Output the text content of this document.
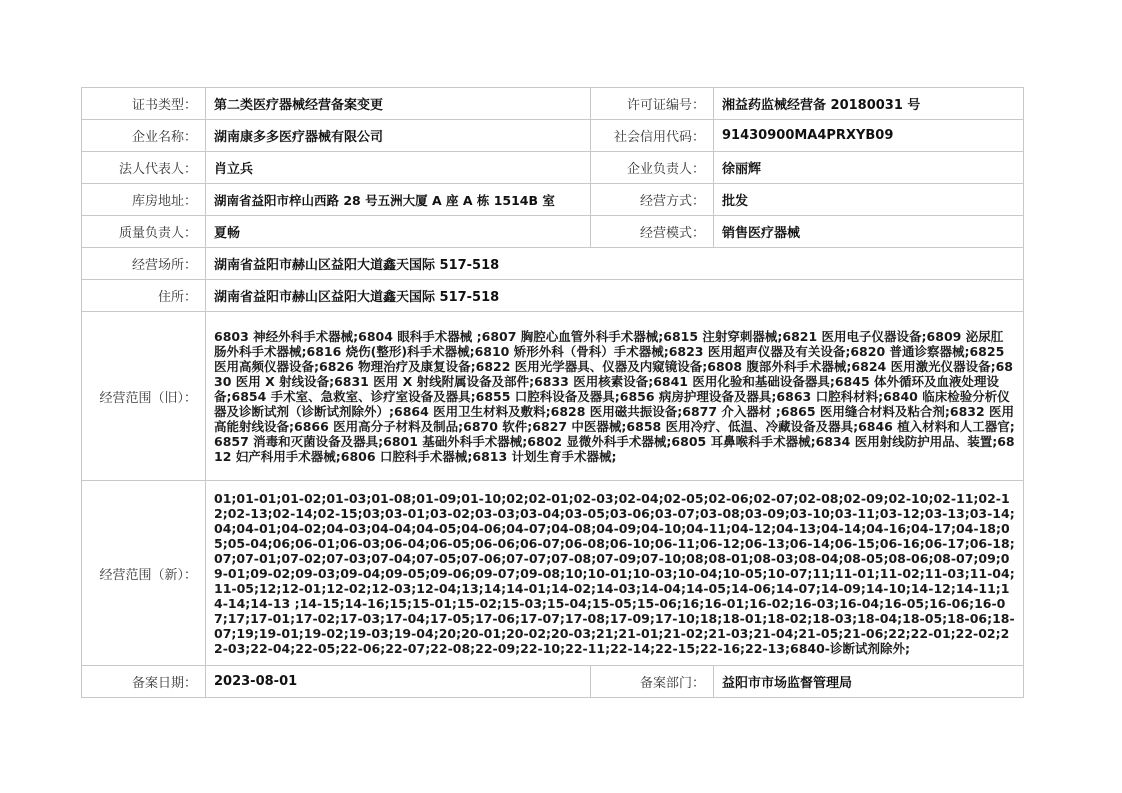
证书类型：	第二类医疗器械经营备案变更	许可证编号：	湘益药监械经营备 20180031 号
企业名称：	湖南康多多医疗器械有限公司	社会信用代码：	91430900MA4PRXYB09
法人代表人：	肖立兵	企业负责人：	徐丽辉
库房地址：	湖南省益阳市梓山西路 28 号五洲大厦 A 座 A 栋 1514B 室	经营方式：	批发
质量负责人：	夏畅	经营模式：	销售医疗器械
经营场所：	湖南省益阳市赫山区益阳大道鑫天国际 517-518		
住所：	湖南省益阳市赫山区益阳大道鑫天国际 517-518		
经营范围（旧）：	6803 神经外科手术器械;6804 眼科手术器械 ;6807 胸腔心血管外科手术器械;6815 注射穿刺器械;6821 医用电子仪器设备;6809 泌尿肛肠外科手术器械;6816 烧伤(整形)科手术器械;6810 矫形外科（骨科）手术器械;6823 医用超声仪器及有关设备;6820 普通诊察器械;6825 医用高频仪器设备;6826 物理治疗及康复设备;6822 医用光学器具、仪器及内窥镜设备;6808 腹部外科手术器械;6824 医用激光仪器设备;6830 医用 X 射线设备;6831 医用 X 射线附属设备及部件;6833 医用核素设备;6841 医用化验和基础设备器具;6845 体外循环及血液处理设备;6854 手术室、急救室、诊疗室设备及器具;6855 口腔科设备及器具;6856 病房护理设备及器具;6863 口腔科材料;6840 临床检验分析仪器及诊断试剂（诊断试剂除外）;6864 医用卫生材料及敷料;6828 医用磁共振设备;6877 介入器材 ;6865 医用缝合材料及粘合剂;6832 医用高能射线设备;6866 医用高分子材料及制品;6870 软件;6827 中医器械;6858 医用冷疗、低温、冷藏设备及器具;6846 植入材料和人工器官;6857 消毒和灭菌设备及器具;6801 基础外科手术器械;6802 显微外科手术器械;6805 耳鼻喉科手术器械;6834 医用射线防护用品、装置;6812 妇产科用手术器械;6806 口腔科手术器械;6813 计划生育手术器械;		
经营范围（新）：	01;01-01;01-02;01-03;01-08;01-09;01-10;02;02-01;02-03;02-04;02-05;02-06;02-07;02-08;02-09;02-10;02-11;02-12;02-13;02-14;02-15;03;03-01;03-02;03-03;03-04;03-05;03-06;03-07;03-08;03-09;03-10;03-11;03-12;03-13;03-14;04;04-01;04-02;04-03;04-04;04-05;04-06;04-07;04-08;04-09;04-10;04-11;04-12;04-13;04-14;04-16;04-17;04-18;05;05-04;06;06-01;06-03;06-04;06-05;06-06;06-07;06-08;06-10;06-11;06-12;06-13;06-14;06-15;06-16;06-17;06-18;07;07-01;07-02;07-03;07-04;07-05;07-06;07-07;07-08;07-09;07-10;08;08-01;08-03;08-04;08-05;08-06;08-07;09;09-01;09-02;09-03;09-04;09-05;09-06;09-07;09-08;10;10-01;10-03;10-04;10-05;10-07;11;11-01;11-02;11-03;11-04;11-05;12;12-01;12-02;12-03;12-04;13;14;14-01;14-02;14-03;14-04;14-05;14-06;14-07;14-09;14-10;14-12;14-11;14-14;14-13 ;14-15;14-16;15;15-01;15-02;15-03;15-04;15-05;15-06;16;16-01;16-02;16-03;16-04;16-05;16-06;16-07;17;17-01;17-02;17-03;17-04;17-05;17-06;17-07;17-08;17-09;17-10;18;18-01;18-02;18-03;18-04;18-05;18-06;18-07;19;19-01;19-02;19-03;19-04;20;20-01;20-02;20-03;21;21-01;21-02;21-03;21-04;21-05;21-06;22;22-01;22-02;22-03;22-04;22-05;22-06;22-07;22-08;22-09;22-10;22-11;22-14;22-15;22-16;22-13;6840-诊断试剂除外;		
备案日期：	2023-08-01	备案部门：	益阳市市场监督管理局
